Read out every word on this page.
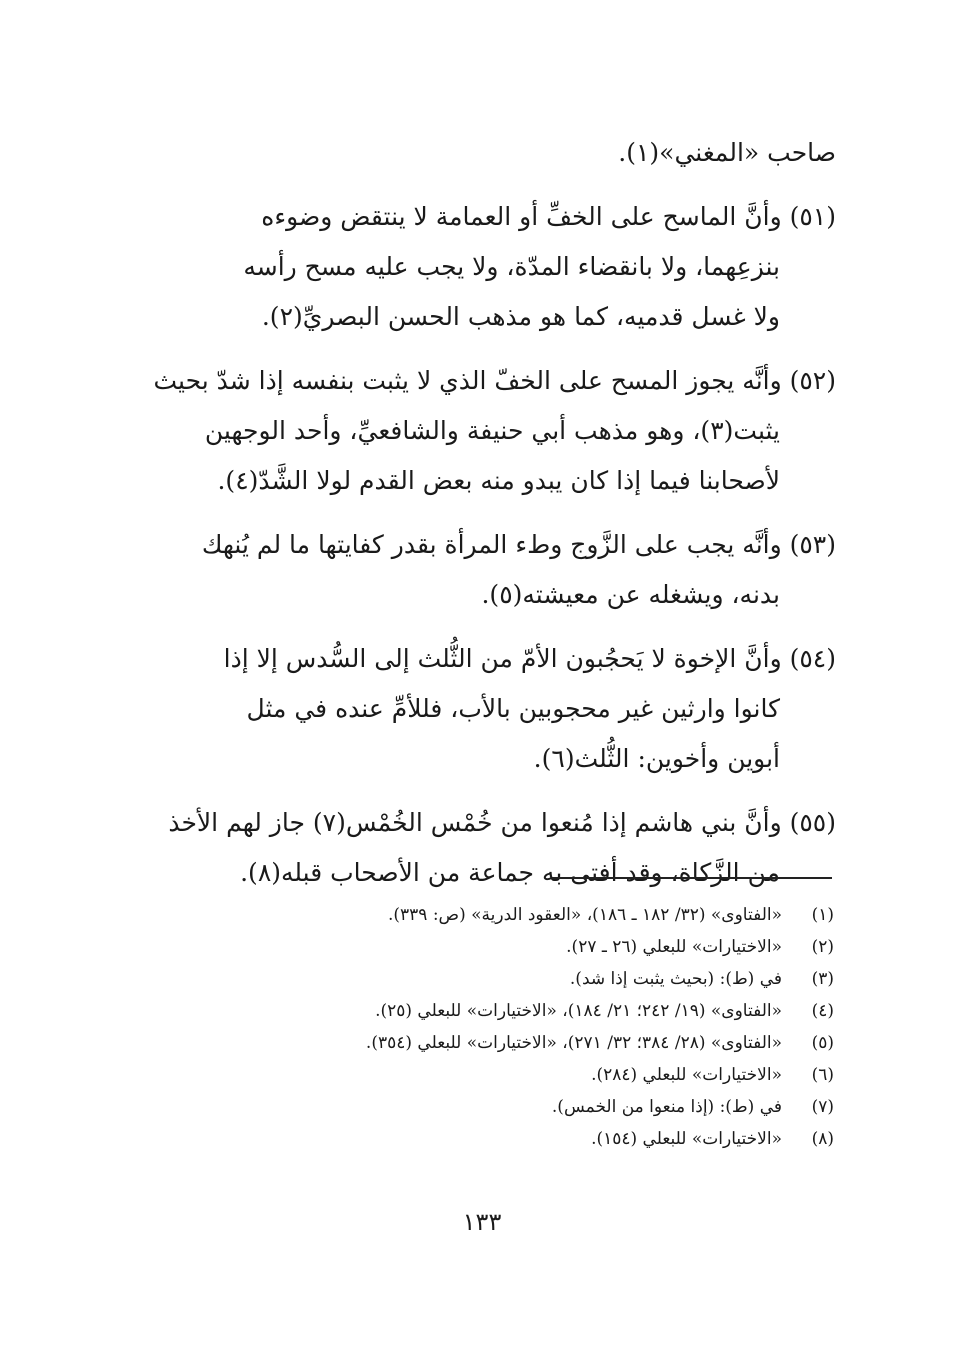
صاحب «المغني»(١).
(٥١) وأنَّ الماسح على الخفِّ أو العمامة لا ينتقض وضوءه
بنزعِهما، ولا بانقضاء المدّة، ولا يجب عليه مسح رأسه
ولا غسل قدميه، كما هو مذهب الحسن البصريِّ(٢).
(٥٢) وأنَّه يجوز المسح على الخفّ الذي لا يثبت بنفسه إذا شدّ بحيث
يثبت(٣)، وهو مذهب أبي حنيفة والشافعيِّ، وأحد الوجهين
لأصحابنا فيما إذا كان يبدو منه بعض القدم لولا الشَّدّ(٤).
(٥٣) وأنَّه يجب على الزَّوج وطء المرأة بقدر كفايتها ما لم يُنهك
بدنه، ويشغله عن معيشته(٥).
(٥٤) وأنَّ الإخوة لا يَحجُبون الأمّ من الثُّلث إلى السُّدس إلا إذا
كانوا وارثين غير محجوبين بالأب، فللأمِّ عنده في مثل
أبوين وأخوين: الثُّلث(٦).
(٥٥) وأنَّ بني هاشم إذا مُنعوا من خُمْس الخُمْس(٧) جاز لهم الأخذ
من الزَّكاة، وقد أفتى به جماعة من الأصحاب قبله(٨).
(١)
«الفتاوى» (٣٢/ ١٨٢ ـ ١٨٦)، «العقود الدرية» (ص: ٣٣٩).
(٢)
«الاختيارات» للبعلي (٢٦ ـ ٢٧).
(٣)
في (ط): (بحيث يثبت إذا شد).
(٤)
«الفتاوى» (١٩/ ٢٤٢؛ ٢١/ ١٨٤)، «الاختيارات» للبعلي (٢٥).
(٥)
«الفتاوى» (٢٨/ ٣٨٤؛ ٣٢/ ٢٧١)، «الاختيارات» للبعلي (٣٥٤).
(٦)
«الاختيارات» للبعلي (٢٨٤).
(٧)
في (ط): (إذا منعوا من الخمس).
(٨)
«الاختيارات» للبعلي (١٥٤).
١٣٣
